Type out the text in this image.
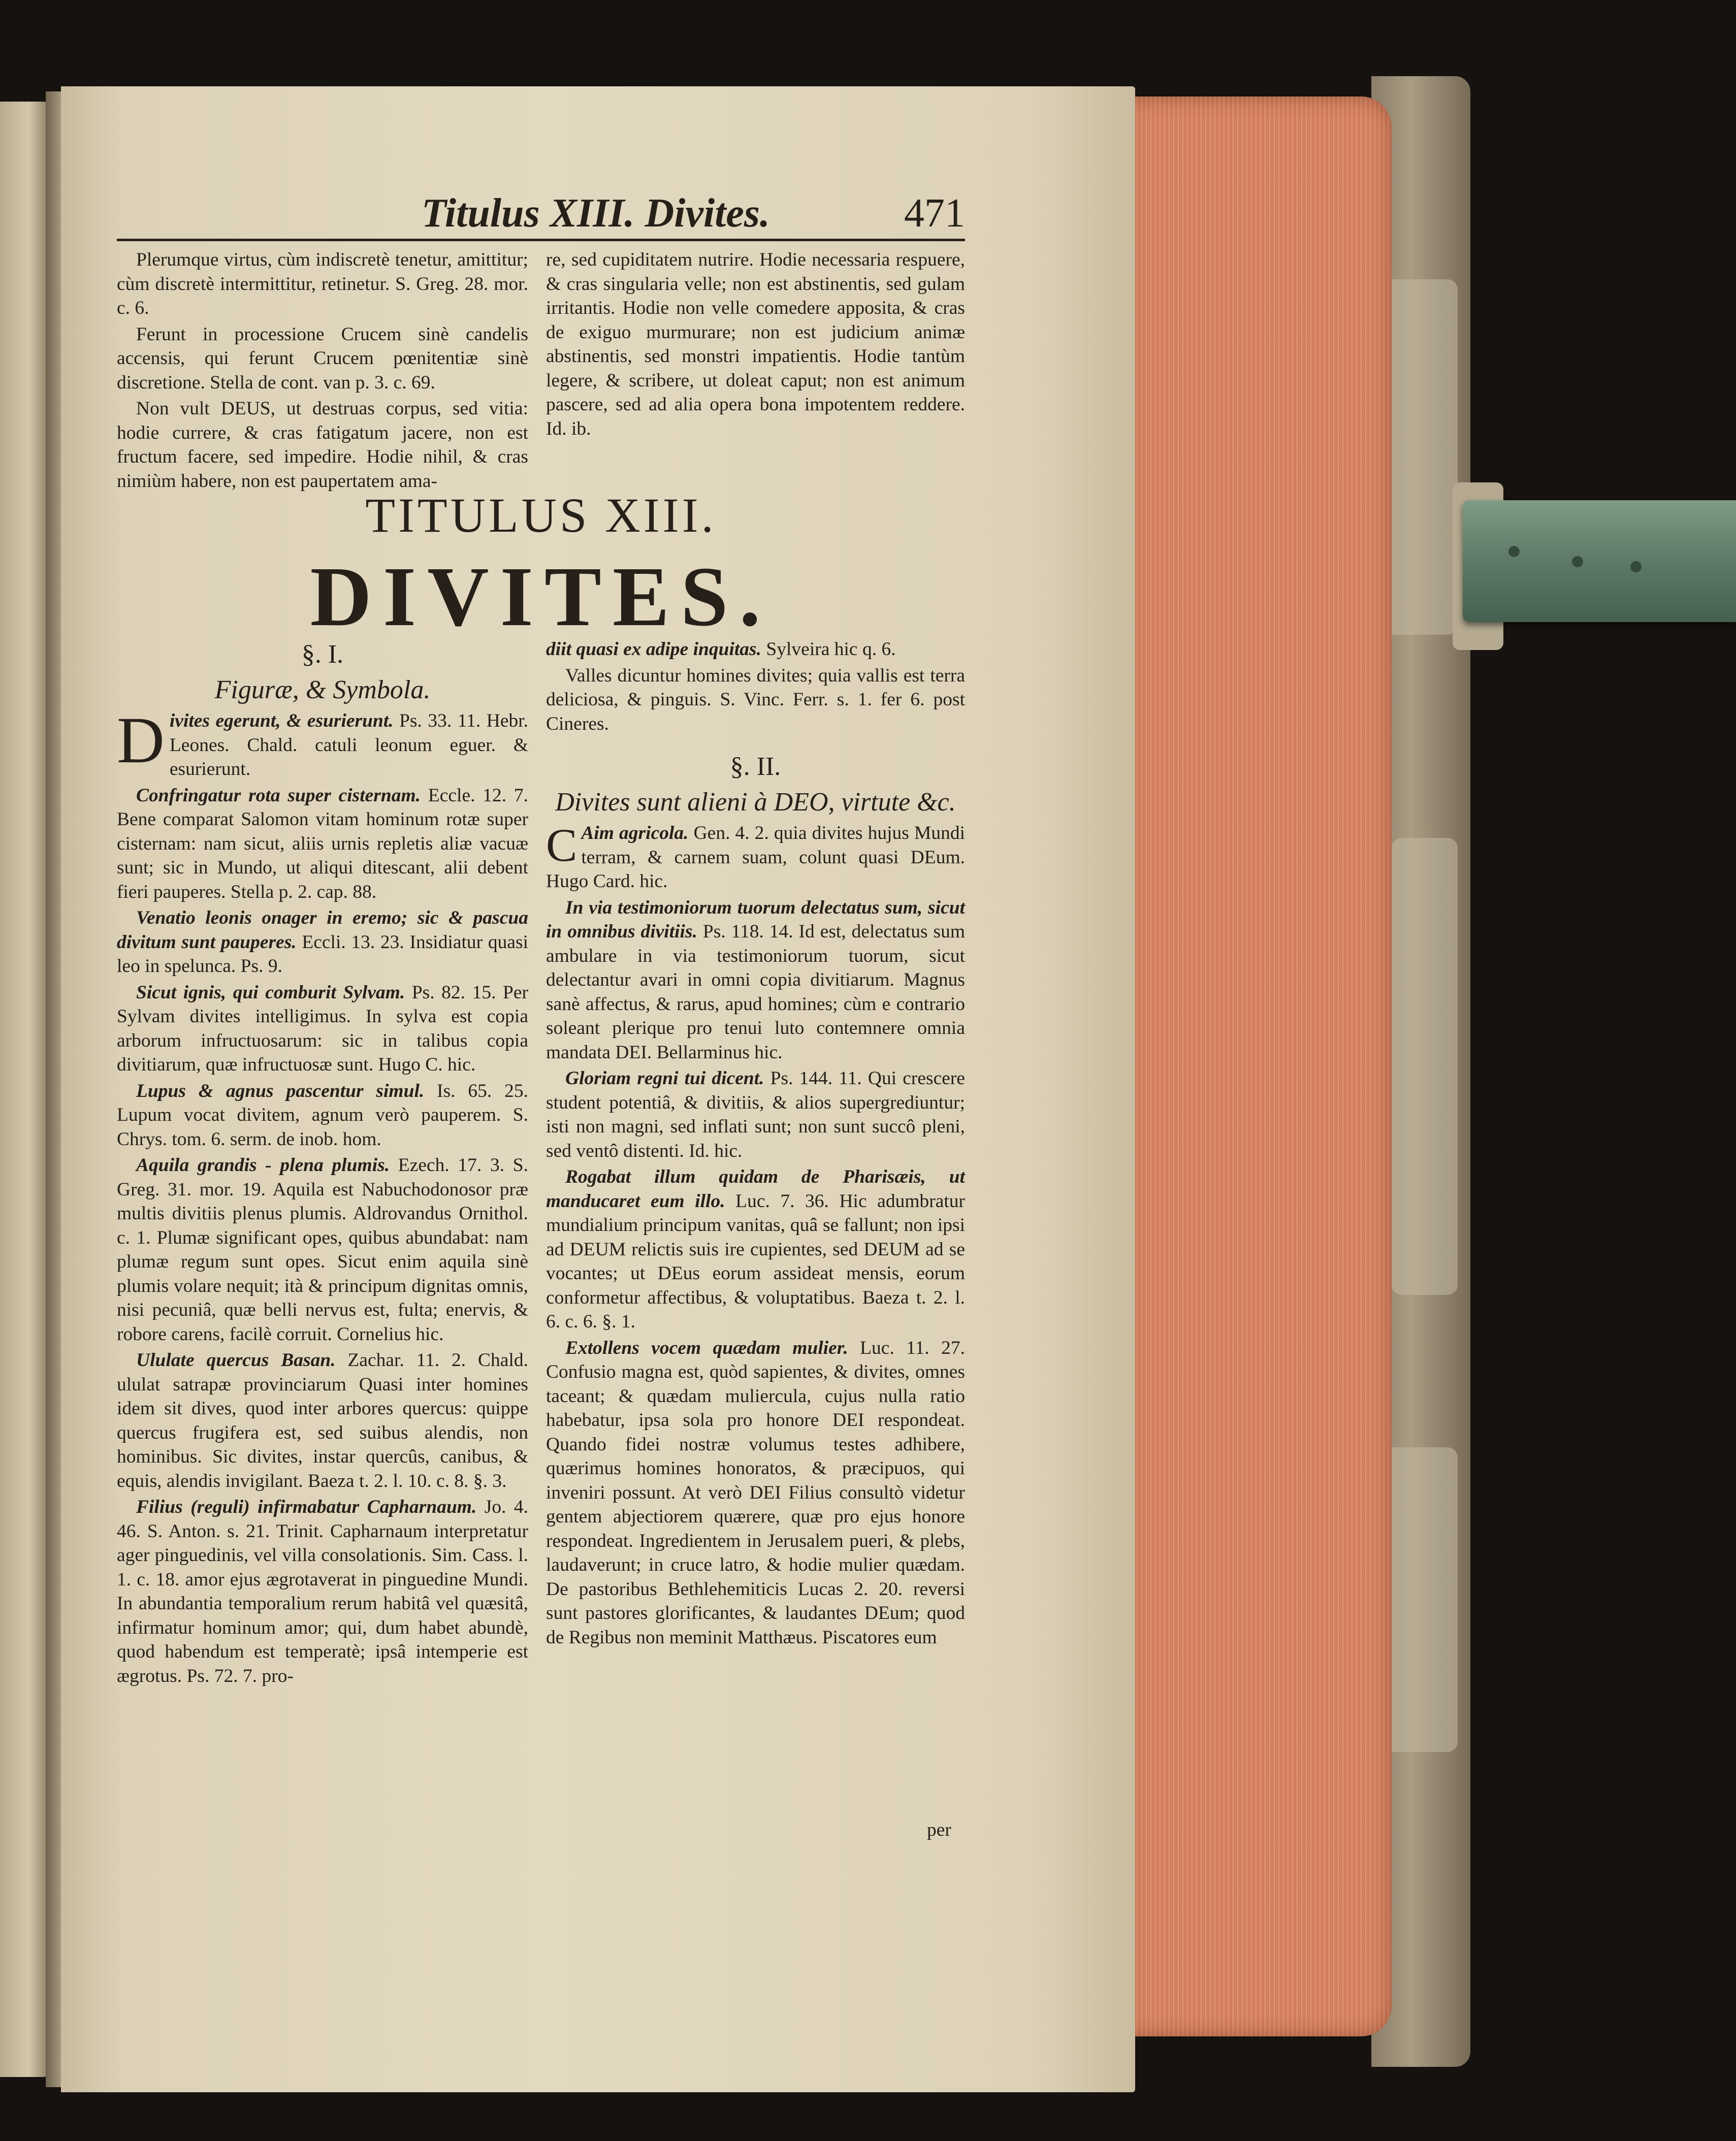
Titulus XIII. Divites.	471

Plerumque virtus, cùm indiscretè tenetur, amittitur; cùm discretè intermittitur, retinetur. S. Greg. 28. mor. c. 6.

Ferunt in processione Crucem sinè candelis accensis, qui ferunt Crucem pœnitentiæ sinè discretione. Stella de cont. van p. 3. c. 69.

Non vult DEUS, ut destruas corpus, sed vitia: hodie currere, & cras fatigatum jacere, non est fructum facere, sed impedire. Hodie nihil, & cras nimiùm habere, non est paupertatem ama-

re, sed cupiditatem nutrire. Hodie necessaria respuere, & cras singularia velle; non est abstinentis, sed gulam irritantis. Hodie non velle comedere apposita, & cras de exiguo murmurare; non est judicium animæ abstinentis, sed monstri impatientis. Hodie tantùm legere, & scribere, ut doleat caput; non est animum pascere, sed ad alia opera bona impotentem reddere. Id. ib.

TITULUS XIII.
DIVITES.
§. I.
Figuræ, & Symbola.

D ivites egerunt, & esurierunt. Ps. 33. 11. Hebr. Leones. Chald. catuli leonum eguer. & esurierunt.

Confringatur rota super cisternam. Eccle. 12. 7. Bene comparat Salomon vitam hominum rotæ super cisternam: nam sicut, aliis urnis repletis aliæ vacuæ sunt; sic in Mundo, ut aliqui ditescant, alii debent fieri pauperes. Stella p. 2. cap. 88.

Venatio leonis onager in eremo; sic & pascua divitum sunt pauperes. Eccli. 13. 23. Insidiatur quasi leo in spelunca. Ps. 9.

Sicut ignis, qui comburit Sylvam. Ps. 82. 15. Per Sylvam divites intelligimus. In sylva est copia arborum infructuosarum: sic in talibus copia divitiarum, quæ infructuosæ sunt. Hugo C. hic.

Lupus & agnus pascentur simul. Is. 65. 25. Lupum vocat divitem, agnum verò pauperem. S. Chrys. tom. 6. serm. de inob. hom.

Aquila grandis - plena plumis. Ezech. 17. 3. S. Greg. 31. mor. 19. Aquila est Nabuchodonosor præ multis divitiis plenus plumis. Aldrovandus Ornithol. c. 1. Plumæ significant opes, quibus abundabat: nam plumæ regum sunt opes. Sicut enim aquila sinè plumis volare nequit; ità & principum dignitas omnis, nisi pecuniâ, quæ belli nervus est, fulta; enervis, & robore carens, facilè corruit. Cornelius hic.

Ululate quercus Basan. Zachar. 11. 2. Chald. ululat satrapæ provinciarum Quasi inter homines idem sit dives, quod inter arbores quercus: quippe quercus frugifera est, sed suibus alendis, non hominibus. Sic divites, instar quercûs, canibus, & equis, alendis invigilant. Baeza t. 2. l. 10. c. 8. §. 3.

Filius (reguli) infirmabatur Capharnaum. Jo. 4. 46. S. Anton. s. 21. Trinit. Capharnaum interpretatur ager pinguedinis, vel villa consolationis. Sim. Cass. l. 1. c. 18. amor ejus ægrotaverat in pinguedine Mundi. In abundantia temporalium rerum habitâ vel quæsitâ, infirmatur hominum amor; qui, dum habet abundè, quod habendum est temperatè; ipsâ intemperie est ægrotus. Ps. 72. 7. pro-

diit quasi ex adipe inquitas. Sylveira hic q. 6.

Valles dicuntur homines divites; quia vallis est terra deliciosa, & pinguis. S. Vinc. Ferr. s. 1. fer 6. post Cineres.

§. II.
Divites sunt alieni à DEO, virtute &c.

C Aim agricola. Gen. 4. 2. quia divites hujus Mundi terram, & carnem suam, colunt quasi DEum. Hugo Card. hic.

In via testimoniorum tuorum delectatus sum, sicut in omnibus divitiis. Ps. 118. 14. Id est, delectatus sum ambulare in via testimoniorum tuorum, sicut delectantur avari in omni copia divitiarum. Magnus sanè affectus, & rarus, apud homines; cùm e contrario soleant plerique pro tenui luto contemnere omnia mandata DEI. Bellarminus hic.

Gloriam regni tui dicent. Ps. 144. 11. Qui crescere student potentiâ, & divitiis, & alios supergrediuntur; isti non magni, sed inflati sunt; non sunt succô pleni, sed ventô distenti. Id. hic.

Rogabat illum quidam de Pharisæis, ut manducaret eum illo. Luc. 7. 36. Hic adumbratur mundialium principum vanitas, quâ se fallunt; non ipsi ad DEUM relictis suis ire cupientes, sed DEUM ad se vocantes; ut DEus eorum assideat mensis, eorum conformetur affectibus, & voluptatibus. Baeza t. 2. l. 6. c. 6. §. 1.

Extollens vocem quædam mulier. Luc. 11. 27. Confusio magna est, quòd sapientes, & divites, omnes taceant; & quædam muliercula, cujus nulla ratio habebatur, ipsa sola pro honore DEI respondeat. Quando fidei nostræ volumus testes adhibere, quærimus homines honoratos, & præcipuos, qui inveniri possunt. At verò DEI Filius consultò videtur gentem abjectiorem quærere, quæ pro ejus honore respondeat. Ingredientem in Jerusalem pueri, & plebs, laudaverunt; in cruce latro, & hodie mulier quædam. De pastoribus Bethlehemiticis Lucas 2. 20. reversi sunt pastores glorificantes, & laudantes DEum; quod de Regibus non meminit Matthæus. Piscatores eum

per
